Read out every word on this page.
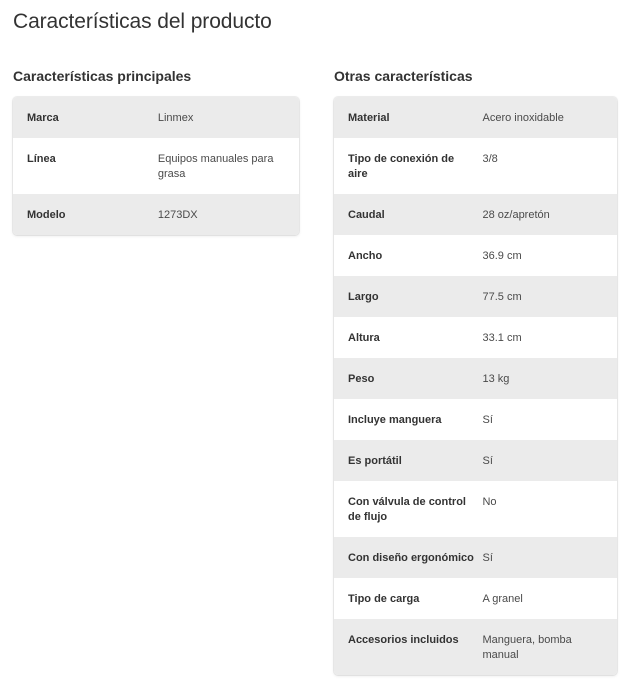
Características del producto
Características principales
Marca	Linmex
Línea	Equipos manuales para grasa
Modelo	1273DX
Otras características
Material	Acero inoxidable
Tipo de conexión de aire	3/8
Caudal	28 oz/apretón
Ancho	36.9 cm
Largo	77.5 cm
Altura	33.1 cm
Peso	13 kg
Incluye manguera	Sí
Es portátil	Sí
Con válvula de control de flujo	No
Con diseño ergonómico	Sí
Tipo de carga	A granel
Accesorios incluidos	Manguera, bomba manual
